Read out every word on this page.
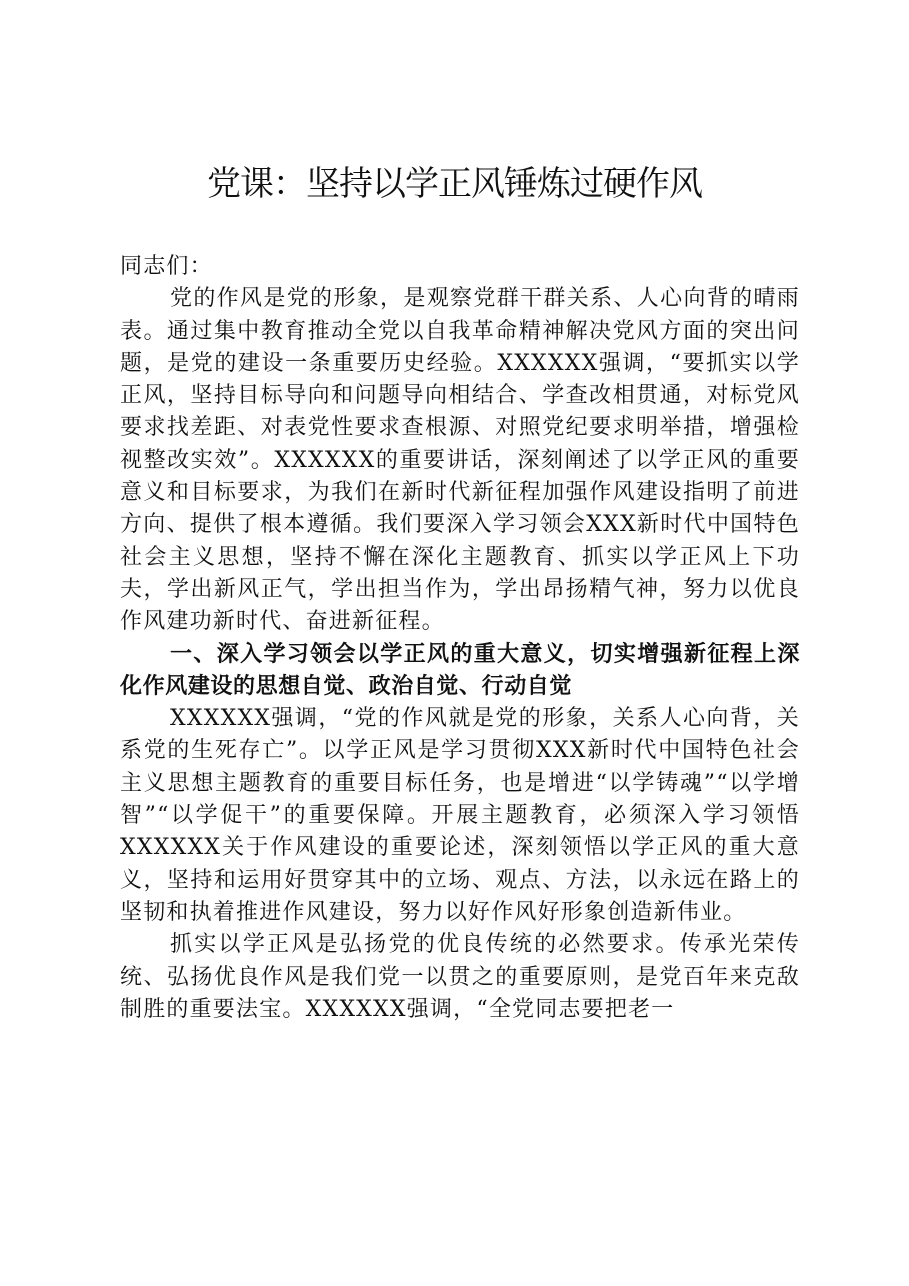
党课：坚持以学正风锤炼过硬作风

同志们：

党的作风是党的形象，是观察党群干群关系、人心向背的晴雨表。通过集中教育推动全党以自我革命精神解决党风方面的突出问题，是党的建设一条重要历史经验。XXXXXX强调，“要抓实以学正风，坚持目标导向和问题导向相结合、学查改相贯通，对标党风要求找差距、对表党性要求查根源、对照党纪要求明举措，增强检视整改实效”。XXXXXX的重要讲话，深刻阐述了以学正风的重要意义和目标要求，为我们在新时代新征程加强作风建设指明了前进方向、提供了根本遵循。我们要深入学习领会XXX新时代中国特色社会主义思想，坚持不懈在深化主题教育、抓实以学正风上下功夫，学出新风正气，学出担当作为，学出昂扬精气神，努力以优良作风建功新时代、奋进新征程。

一、深入学习领会以学正风的重大意义，切实增强新征程上深化作风建设的思想自觉、政治自觉、行动自觉

XXXXXX强调，“党的作风就是党的形象，关系人心向背，关系党的生死存亡”。以学正风是学习贯彻XXX新时代中国特色社会主义思想主题教育的重要目标任务，也是增进“以学铸魂”“以学增智”“以学促干”的重要保障。开展主题教育，必须深入学习领悟XXXXXX关于作风建设的重要论述，深刻领悟以学正风的重大意义，坚持和运用好贯穿其中的立场、观点、方法，以永远在路上的坚韧和执着推进作风建设，努力以好作风好形象创造新伟业。

抓实以学正风是弘扬党的优良传统的必然要求。传承光荣传统、弘扬优良作风是我们党一以贯之的重要原则，是党百年来克敌制胜的重要法宝。XXXXXX强调，“全党同志要把老一
